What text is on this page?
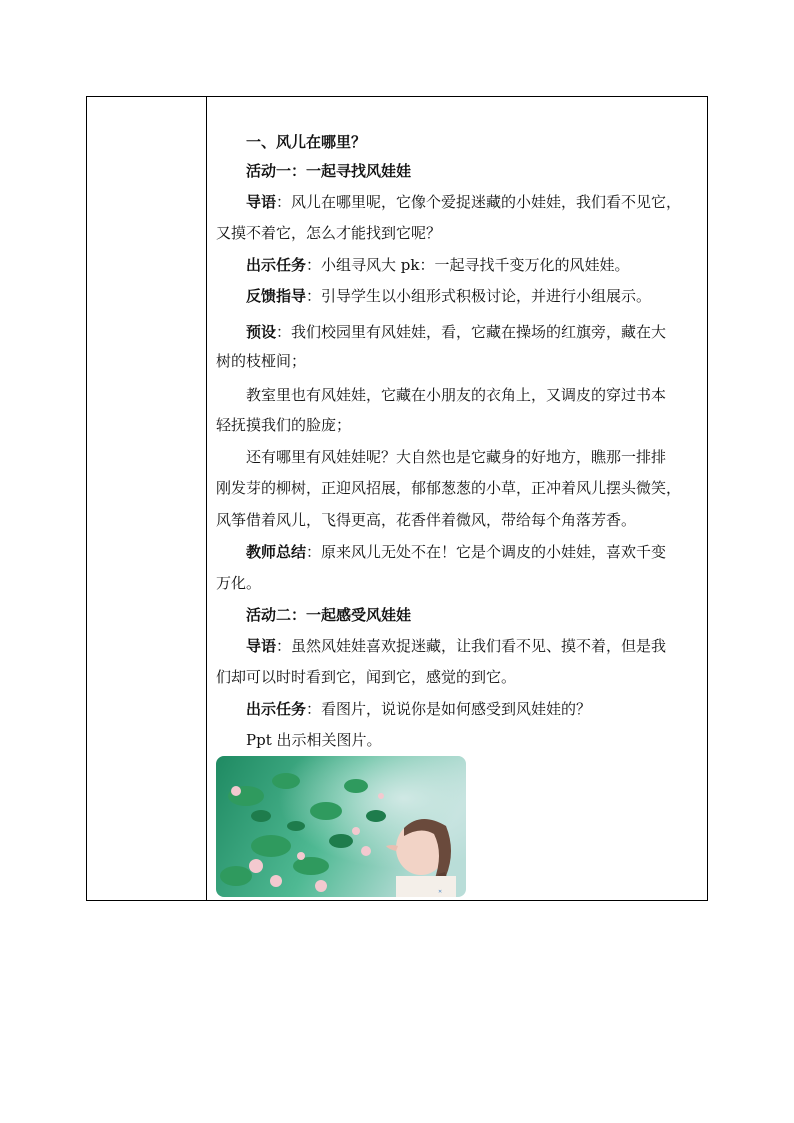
一、风儿在哪里？
活动一：一起寻找风娃娃
导语：风儿在哪里呢，它像个爱捉迷藏的小娃娃，我们看不见它，
又摸不着它，怎么才能找到它呢？
出示任务：小组寻风大 pk：一起寻找千变万化的风娃娃。
反馈指导：引导学生以小组形式积极讨论，并进行小组展示。
预设：我们校园里有风娃娃，看，它藏在操场的红旗旁，藏在大
树的枝桠间；
教室里也有风娃娃，它藏在小朋友的衣角上，又调皮的穿过书本
轻抚摸我们的脸庞；
还有哪里有风娃娃呢？大自然也是它藏身的好地方，瞧那一排排
刚发芽的柳树，正迎风招展，郁郁葱葱的小草，正冲着风儿摆头微笑，
风筝借着风儿，飞得更高，花香伴着微风，带给每个角落芳香。
教师总结：原来风儿无处不在！它是个调皮的小娃娃，喜欢千变
万化。
活动二：一起感受风娃娃
导语：虽然风娃娃喜欢捉迷藏，让我们看不见、摸不着，但是我
们却可以时时看到它，闻到它，感觉的到它。
出示任务：看图片，说说你是如何感受到风娃娃的？
Ppt 出示相关图片。
✕
